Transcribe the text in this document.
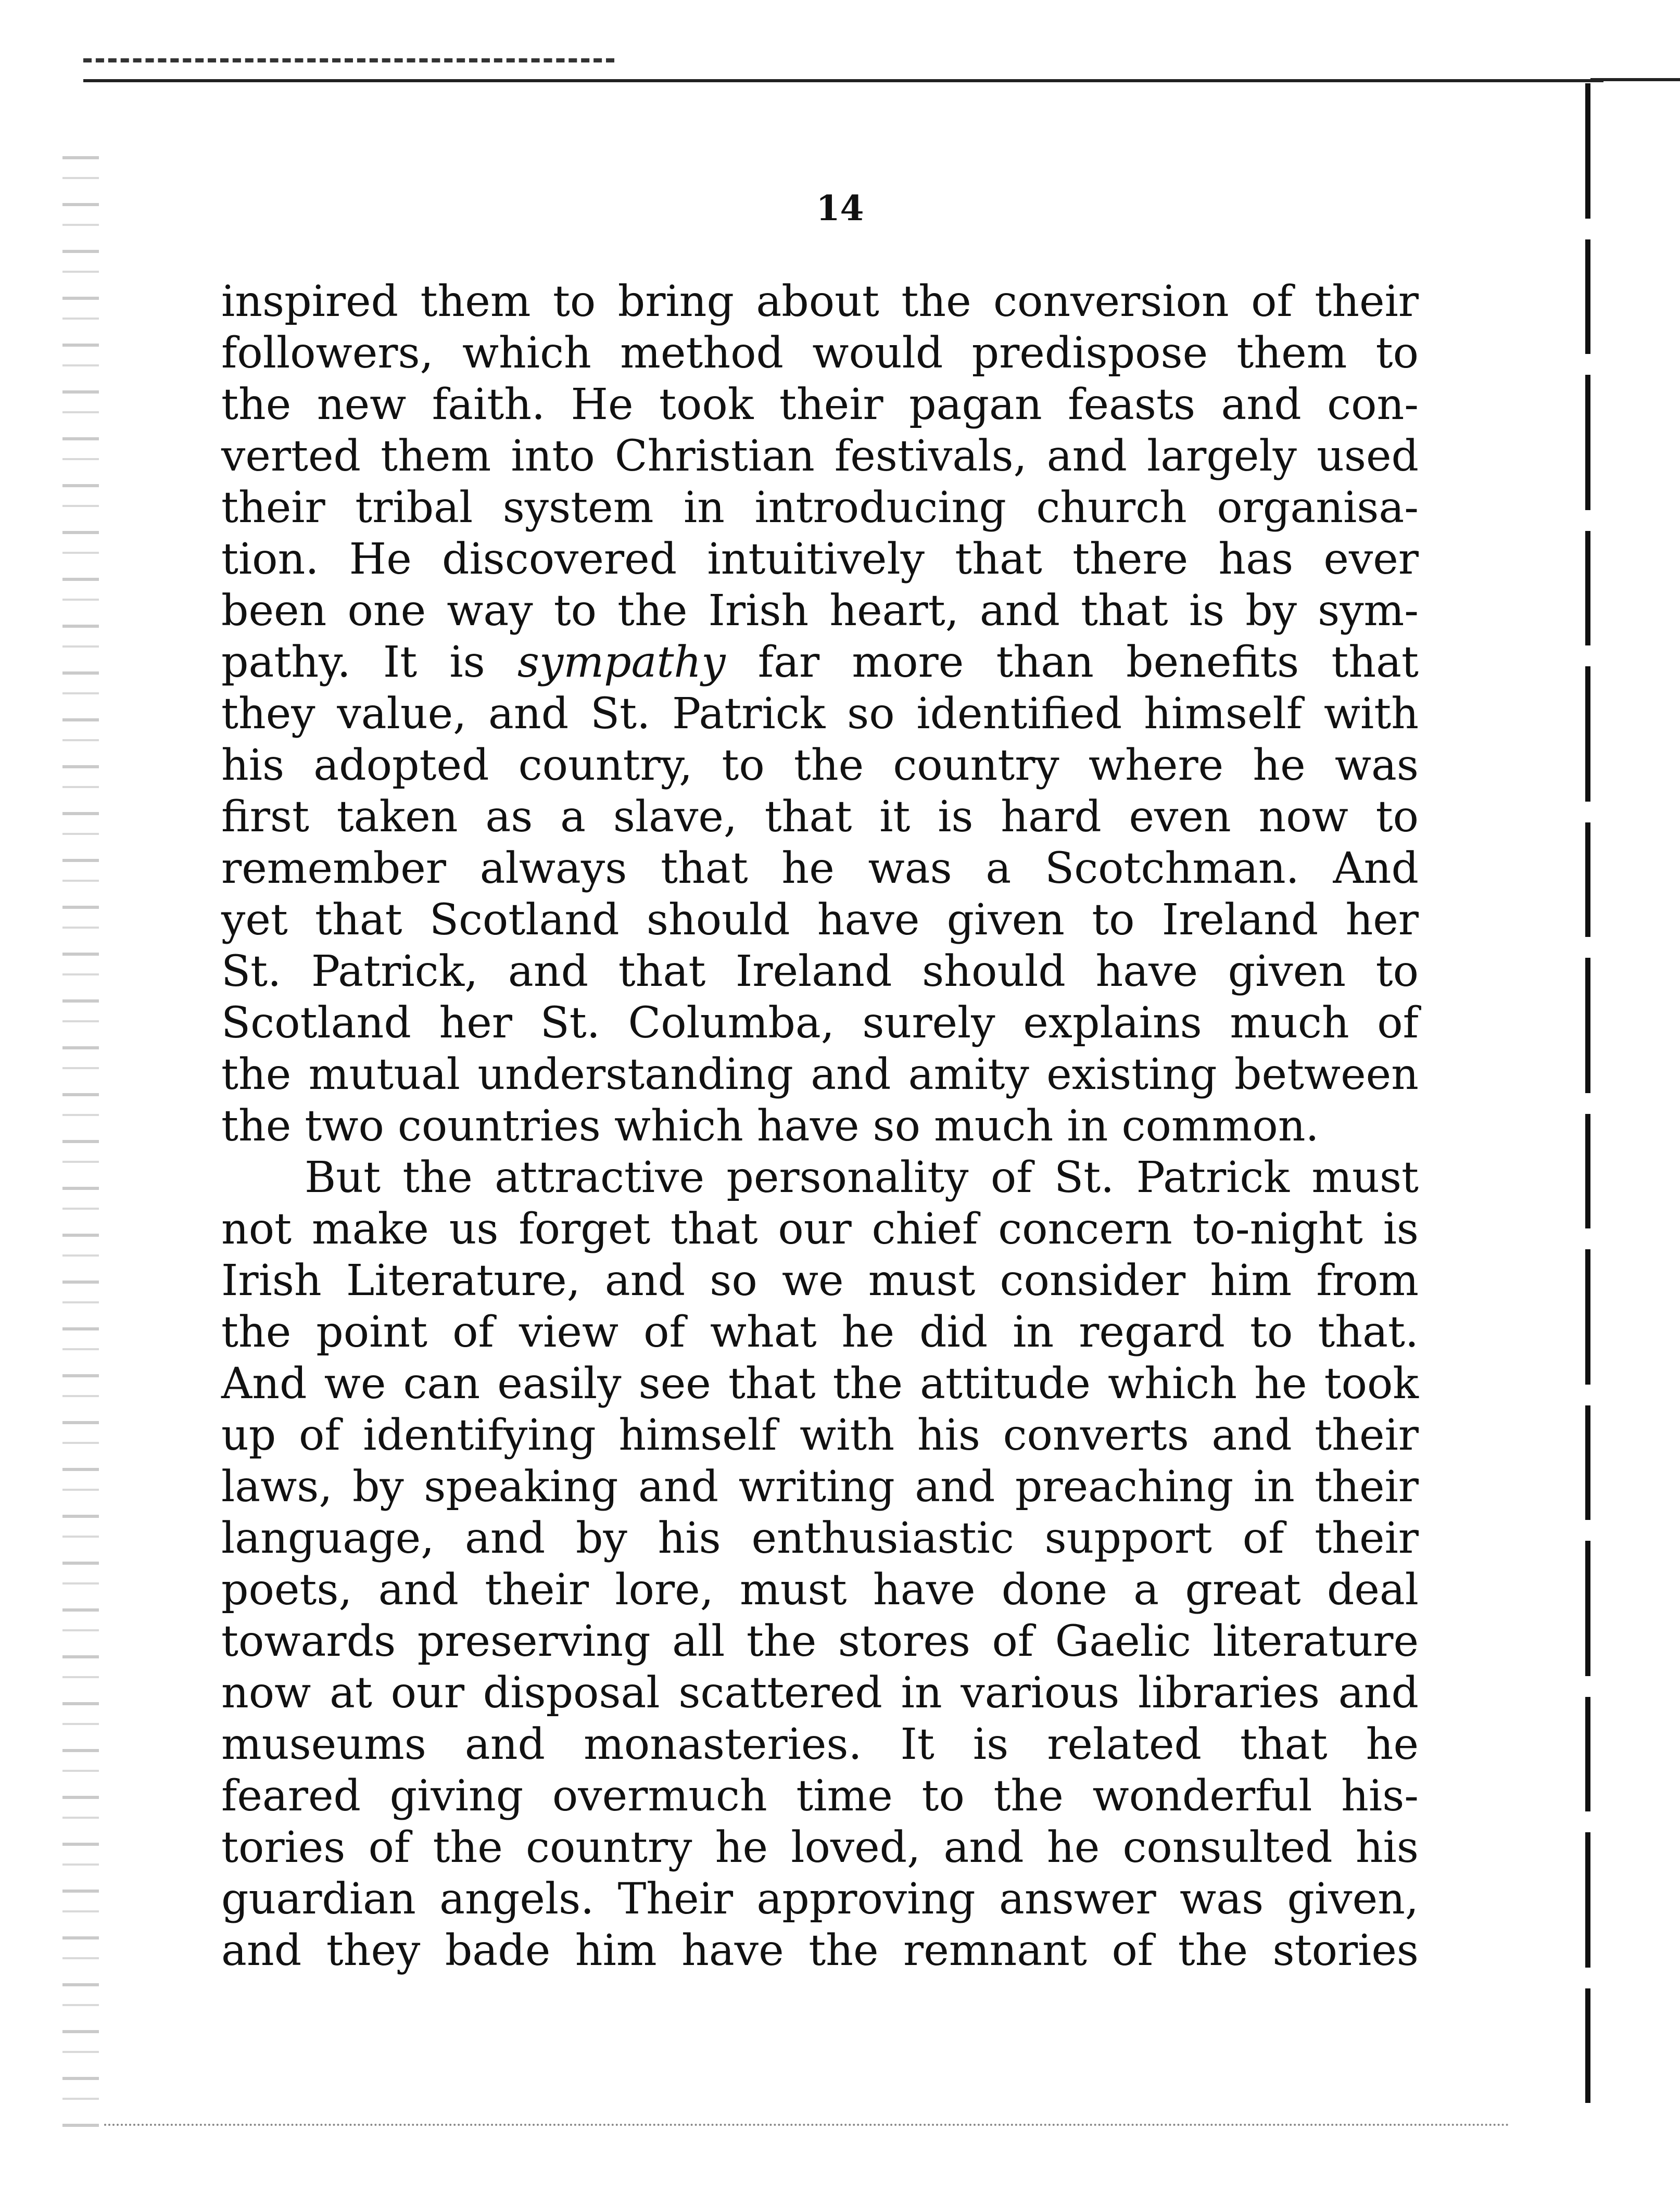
14
inspired them to bring about the conversion of their
followers, which method would predispose them to
the new faith. He took their pagan feasts and con-
verted them into Christian festivals, and largely used
their tribal system in introducing church organisa-
tion. He discovered intuitively that there has ever
been one way to the Irish heart, and that is by sym-
pathy. It is sympathy far more than benefits that
they value, and St. Patrick so identified himself with
his adopted country, to the country where he was
first taken as a slave, that it is hard even now to
remember always that he was a Scotchman. And
yet that Scotland should have given to Ireland her
St. Patrick, and that Ireland should have given to
Scotland her St. Columba, surely explains much of
the mutual understanding and amity existing between
the two countries which have so much in common.
But the attractive personality of St. Patrick must
not make us forget that our chief concern to-night is
Irish Literature, and so we must consider him from
the point of view of what he did in regard to that.
And we can easily see that the attitude which he took
up of identifying himself with his converts and their
laws, by speaking and writing and preaching in their
language, and by his enthusiastic support of their
poets, and their lore, must have done a great deal
towards preserving all the stores of Gaelic literature
now at our disposal scattered in various libraries and
museums and monasteries. It is related that he
feared giving overmuch time to the wonderful his-
tories of the country he loved, and he consulted his
guardian angels. Their approving answer was given,
and they bade him have the remnant of the stories
